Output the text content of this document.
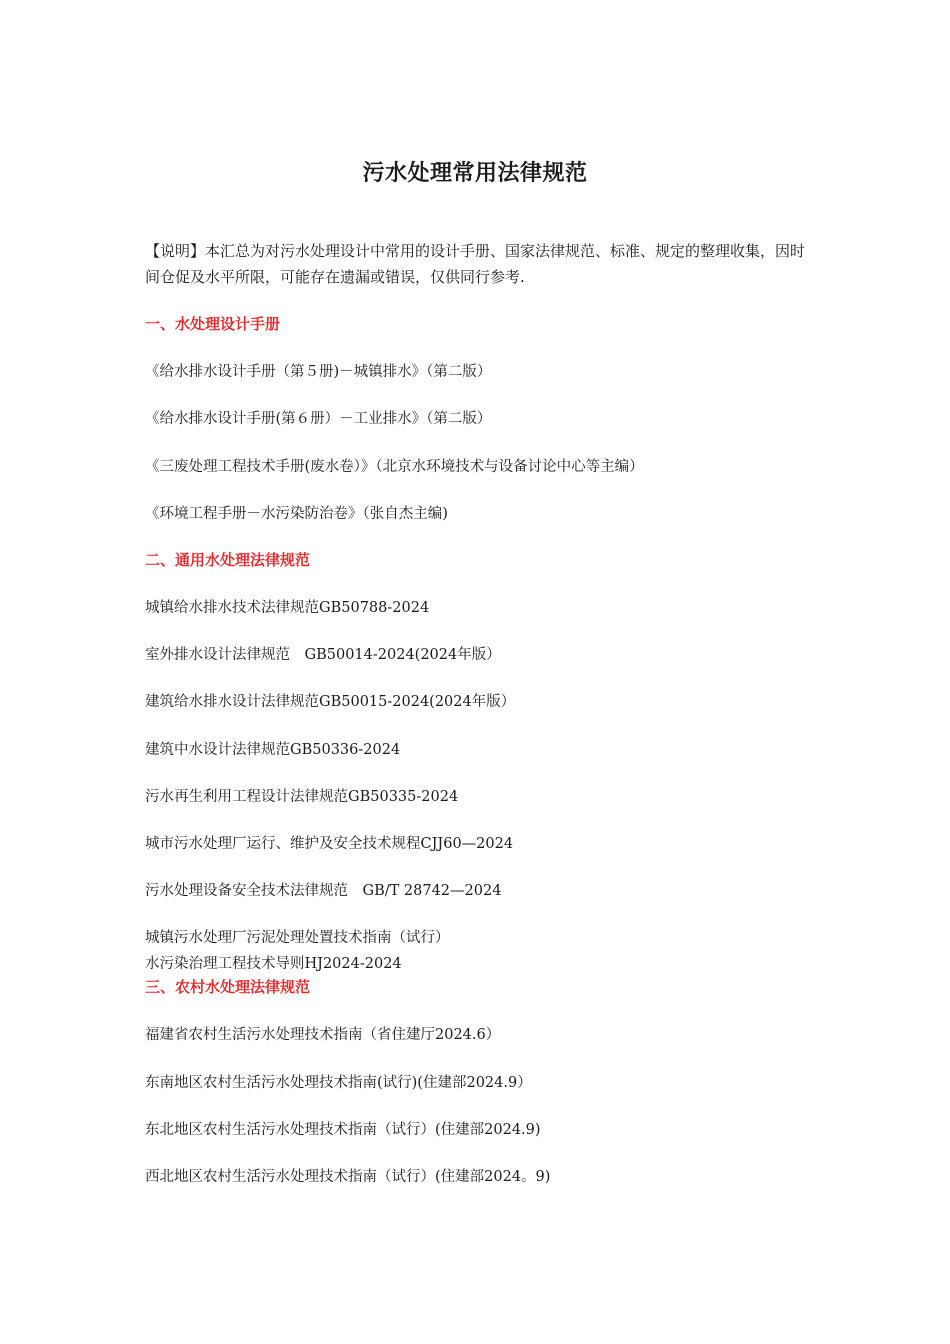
污水处理常用法律规范
【说明】本汇总为对污水处理设计中常用的设计手册、国家法律规范、标准、规定的整理收集，因时间仓促及水平所限，可能存在遗漏或错误，仅供同行参考.
一、水处理设计手册
《给水排水设计手册（第５册)－城镇排水》（第二版）
《给水排水设计手册(第６册）－工业排水》（第二版）
《三废处理工程技术手册(废水卷）》（北京水环境技术与设备讨论中心等主编）
《环境工程手册－水污染防治卷》（张自杰主编)
二、通用水处理法律规范
城镇给水排水技术法律规范GB50788-2024
室外排水设计法律规范　GB50014-2024(2024年版）
建筑给水排水设计法律规范GB50015-2024(2024年版）
建筑中水设计法律规范GB50336-2024
污水再生利用工程设计法律规范GB50335-2024
城市污水处理厂运行、维护及安全技术规程CJJ60—2024
污水处理设备安全技术法律规范　GB/T 28742—2024
城镇污水处理厂污泥处理处置技术指南（试行）
水污染治理工程技术导则HJ2024-2024
三、农村水处理法律规范
福建省农村生活污水处理技术指南（省住建厅2024.6）
东南地区农村生活污水处理技术指南(试行)(住建部2024.9）
东北地区农村生活污水处理技术指南（试行）(住建部2024.9)
西北地区农村生活污水处理技术指南（试行）(住建部2024。9)
